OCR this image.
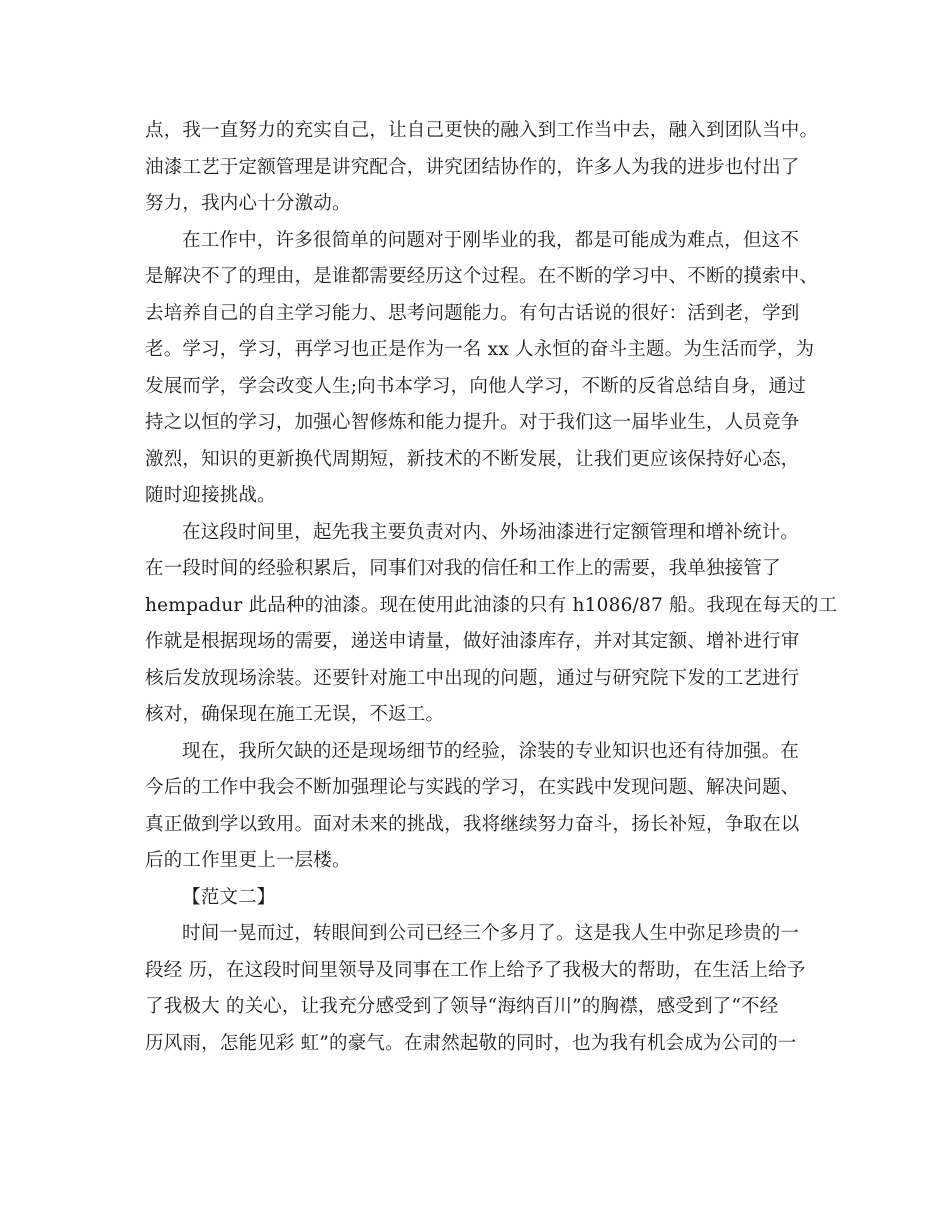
点，我一直努力的充实自己，让自己更快的融入到工作当中去，融入到团队当中。
油漆工艺于定额管理是讲究配合，讲究团结协作的，许多人为我的进步也付出了
努力，我内心十分激动。
在工作中，许多很简单的问题对于刚毕业的我，都是可能成为难点，但这不
是解决不了的理由，是谁都需要经历这个过程。在不断的学习中、不断的摸索中、
去培养自己的自主学习能力、思考问题能力。有句古话说的很好：活到老，学到
老。学习，学习，再学习也正是作为一名 xx 人永恒的奋斗主题。为生活而学，为
发展而学，学会改变人生;向书本学习，向他人学习，不断的反省总结自身，通过
持之以恒的学习，加强心智修炼和能力提升。对于我们这一届毕业生，人员竞争
激烈，知识的更新换代周期短，新技术的不断发展，让我们更应该保持好心态，
随时迎接挑战。
在这段时间里，起先我主要负责对内、外场油漆进行定额管理和增补统计。
在一段时间的经验积累后，同事们对我的信任和工作上的需要，我单独接管了
hempadur 此品种的油漆。现在使用此油漆的只有 h1086/87 船。我现在每天的工
作就是根据现场的需要，递送申请量，做好油漆库存，并对其定额、增补进行审
核后发放现场涂装。还要针对施工中出现的问题，通过与研究院下发的工艺进行
核对，确保现在施工无误，不返工。
现在，我所欠缺的还是现场细节的经验，涂装的专业知识也还有待加强。在
今后的工作中我会不断加强理论与实践的学习，在实践中发现问题、解决问题、
真正做到学以致用。面对未来的挑战，我将继续努力奋斗，扬长补短，争取在以
后的工作里更上一层楼。
【范文二】
时间一晃而过，转眼间到公司已经三个多月了。这是我人生中弥足珍贵的一
段经 历，在这段时间里领导及同事在工作上给予了我极大的帮助，在生活上给予
了我极大 的关心，让我充分感受到了领导“海纳百川”的胸襟，感受到了“不经
历风雨，怎能见彩 虹”的豪气。在肃然起敬的同时，也为我有机会成为公司的一
